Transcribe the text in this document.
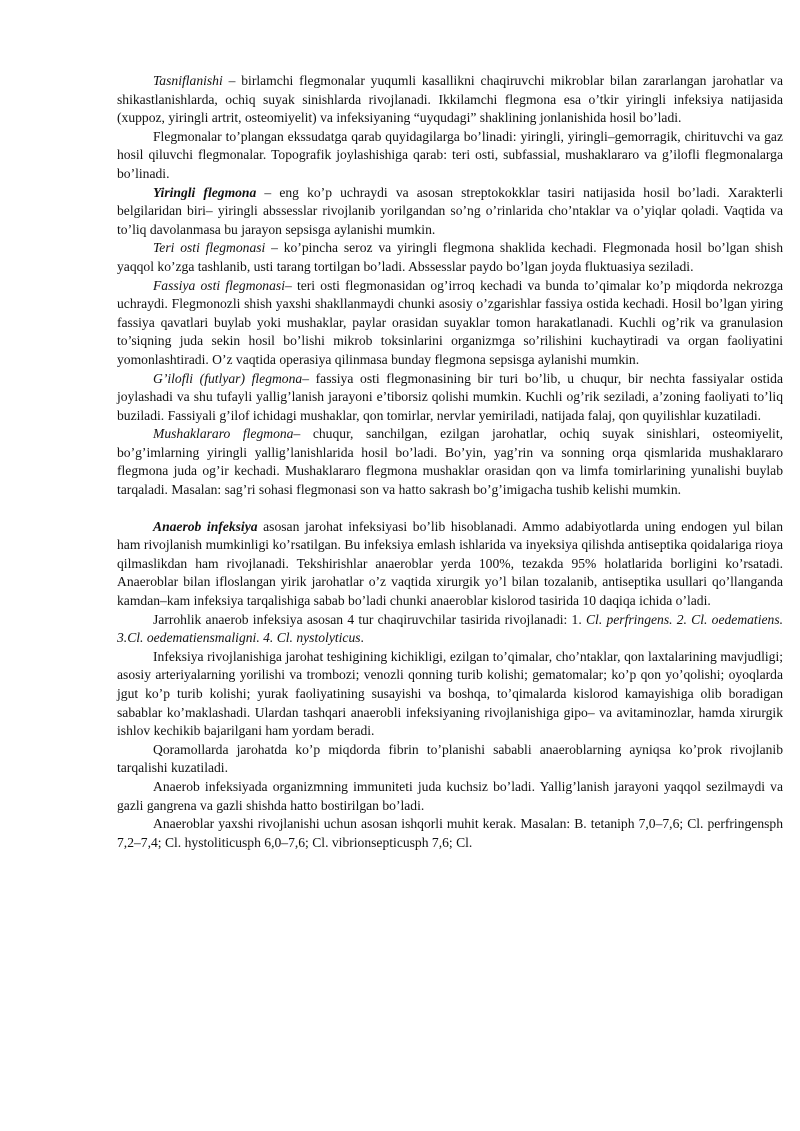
Tasniflanishi – birlamchi flegmonalar yuqumli kasallikni chaqiruvchi mikroblar bilan zararlangan jarohatlar va shikastlanishlarda, ochiq suyak sinishlarda rivojlanadi. Ikkilamchi flegmona esa o’tkir yiringli infeksiya natijasida (xuppoz, yiringli artrit, osteomiyelit) va infeksiyaning “uyqudagi” shaklining jonlanishida hosil bo’ladi.

Flegmonalar to’plangan ekssudatga qarab quyidagilarga bo’linadi: yiringli, yiringli–gemorragik, chirituvchi va gaz hosil qiluvchi flegmonalar. Topografik joylashishiga qarab: teri osti, subfassial, mushaklararo va g’ilofli flegmonalarga bo’linadi.

Yiringli flegmona – eng ko’p uchraydi va asosan streptokokklar tasiri natijasida hosil bo’ladi. Xarakterli belgilaridan biri– yiringli abssesslar rivojlanib yorilgandan so’ng o’rinlarida cho’ntaklar va o’yiqlar qoladi. Vaqtida va to’liq davolanmasa bu jarayon sepsisga aylanishi mumkin.

Teri osti flegmonasi – ko’pincha seroz va yiringli flegmona shaklida kechadi. Flegmonada hosil bo’lgan shish yaqqol ko’zga tashlanib, usti tarang tortilgan bo’ladi. Abssesslar paydo bo’lgan joyda fluktuasiya seziladi.

Fassiya osti flegmonasi– teri osti flegmonasidan og’irroq kechadi va bunda to’qimalar ko’p miqdorda nekrozga uchraydi. Flegmonozli shish yaxshi shakllanmaydi chunki asosiy o’zgarishlar fassiya ostida kechadi. Hosil bo’lgan yiring fassiya qavatlari buylab yoki mushaklar, paylar orasidan suyaklar tomon harakatlanadi. Kuchli og’rik va granulasion to’siqning juda sekin hosil bo’lishi mikrob toksinlarini organizmga so’rilishini kuchaytiradi va organ faoliyatini yomonlashtiradi. O’z vaqtida operasiya qilinmasa bunday flegmona sepsisga aylanishi mumkin.

G’ilofli (futlyar) flegmona– fassiya osti flegmonasining bir turi bo’lib, u chuqur, bir nechta fassiyalar ostida joylashadi va shu tufayli yallig’lanish jarayoni e’tiborsiz qolishi mumkin. Kuchli og’rik seziladi, a’zoning faoliyati to’liq buziladi. Fassiyali g’ilof ichidagi mushaklar, qon tomirlar, nervlar yemiriladi, natijada falaj, qon quyilishlar kuzatiladi.

Mushaklararo flegmona– chuqur, sanchilgan, ezilgan jarohatlar, ochiq suyak sinishlari, osteomiyelit, bo’g’imlarning yiringli yallig’lanishlarida hosil bo’ladi. Bo’yin, yag’rin va sonning orqa qismlarida mushaklararo flegmona juda og’ir kechadi. Mushaklararo flegmona mushaklar orasidan qon va limfa tomirlarining yunalishi buylab tarqaladi. Masalan: sag’ri sohasi flegmonasi son va hatto sakrash bo’g’imigacha tushib kelishi mumkin.

Anaerob infeksiya asosan jarohat infeksiyasi bo’lib hisoblanadi. Ammo adabiyotlarda uning endogen yul bilan ham rivojlanish mumkinligi ko’rsatilgan. Bu infeksiya emlash ishlarida va inyeksiya qilishda antiseptika qoidalariga rioya qilmaslikdan ham rivojlanadi. Tekshirishlar anaeroblar yerda 100%, tezakda 95% holatlarida borligini ko’rsatadi. Anaeroblar bilan ifloslangan yirik jarohatlar o’z vaqtida xirurgik yo’l bilan tozalanib, antiseptika usullari qo’llanganda kamdan–kam infeksiya tarqalishiga sabab bo’ladi chunki anaeroblar kislorod tasirida 10 daqiqa ichida o’ladi.

Jarrohlik anaerob infeksiya asosan 4 tur chaqiruvchilar tasirida rivojlanadi: 1. Cl. perfringens. 2. Cl. oedematiens. 3.Cl. oedematiensmaligni. 4. Cl. nystolyticus.

Infeksiya rivojlanishiga jarohat teshigining kichikligi, ezilgan to’qimalar, cho’ntaklar, qon laxtalarining mavjudligi; asosiy arteriyalarning yorilishi va trombozi; venozli qonning turib kolishi; gematomalar; ko’p qon yo’qolishi; oyoqlarda jgut ko’p turib kolishi; yurak faoliyatining susayishi va boshqa, to’qimalarda kislorod kamayishiga olib boradigan sabablar ko’maklashadi. Ulardan tashqari anaerobli infeksiyaning rivojlanishiga gipo– va avitaminozlar, hamda xirurgik ishlov kechikib bajarilgani ham yordam beradi.

Qoramollarda jarohatda ko’p miqdorda fibrin to’planishi sababli anaeroblarning ayniqsa ko’prok rivojlanib tarqalishi kuzatiladi.

Anaerob infeksiyada organizmning immuniteti juda kuchsiz bo’ladi. Yallig’lanish jarayoni yaqqol sezilmaydi va gazli gangrena va gazli shishda hatto bostirilgan bo’ladi.

Anaeroblar yaxshi rivojlanishi uchun asosan ishqorli muhit kerak. Masalan: B. tetaniph 7,0–7,6; Cl. perfringensph 7,2–7,4; Cl. hystoliticusph 6,0–7,6; Cl. vibrionsepticusph 7,6; Cl.
